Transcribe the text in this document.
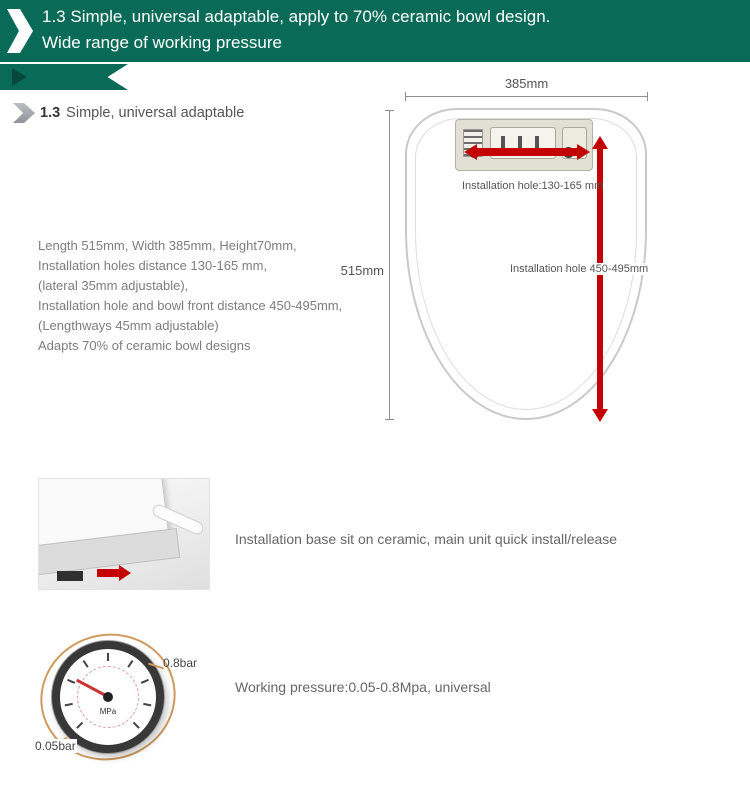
1.3 Simple, universal adaptable, apply to 70% ceramic bowl design.
Wide range of working pressure
1.3 Simple, universal adaptable
Length 515mm, Width 385mm, Height70mm,
Installation holes distance 130-165 mm,
(lateral 35mm adjustable),
Installation hole and bowl front distance 450-495mm,
(Lengthways 45mm adjustable)
Adapts 70% of ceramic bowl designs
385mm
515mm
Installation hole:130-165 mm
Installation hole 450-495mm
Installation base sit on ceramic, main unit quick install/release
MPa
0.8bar
0.05bar
Working pressure:0.05-0.8Mpa, universal
